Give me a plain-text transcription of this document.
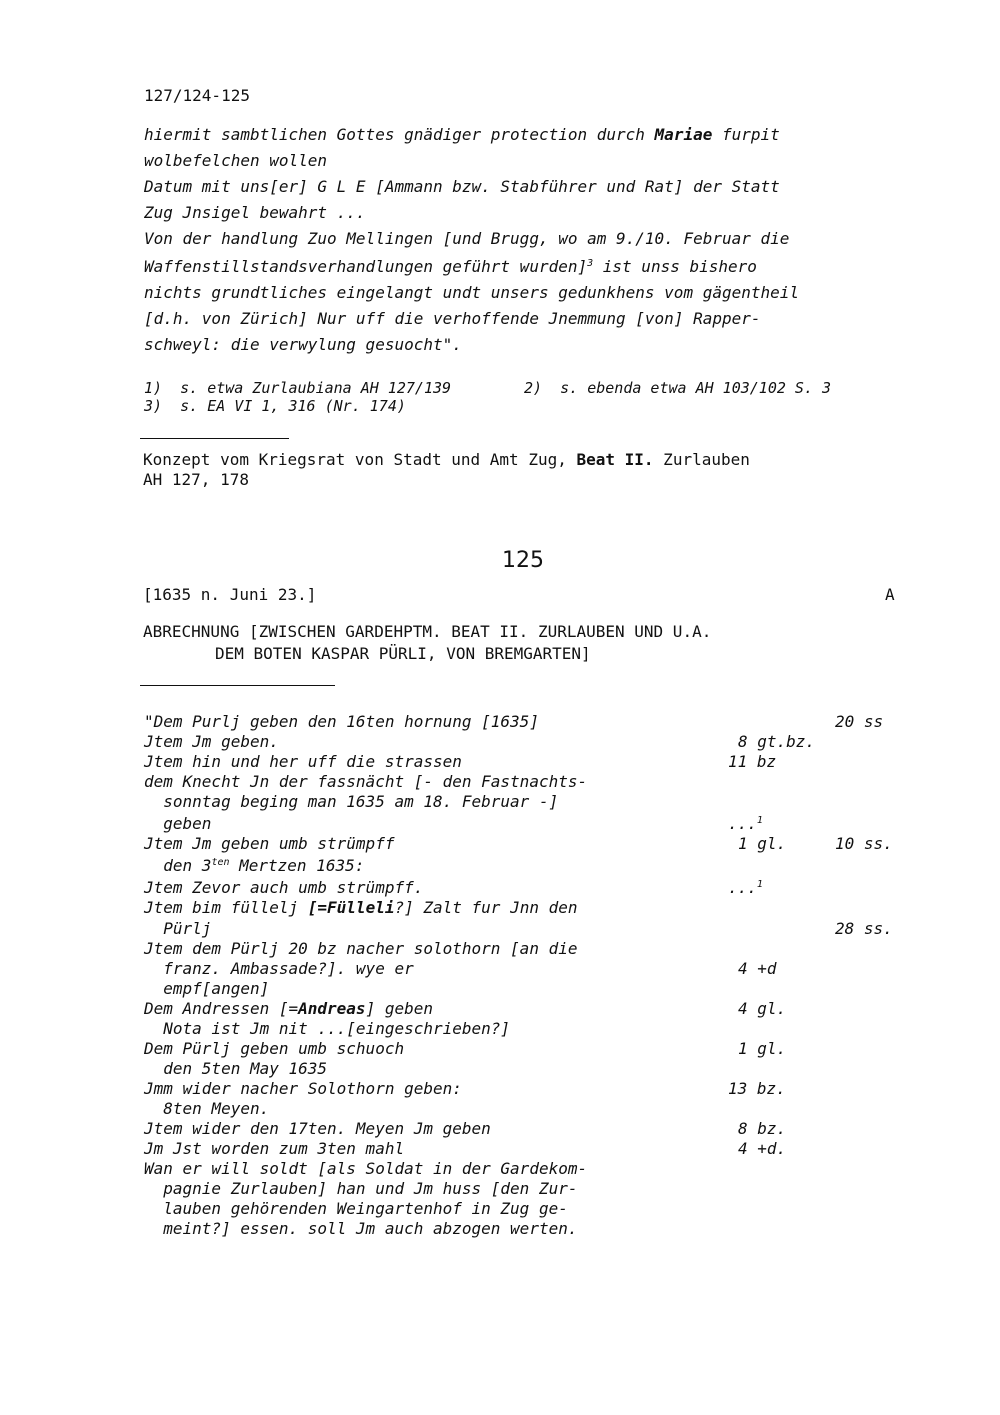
127/124-125
hiermit sambtlichen Gottes gnädiger protection durch Mariae furpit
wolbefelchen wollen
Datum mit uns[er] G L E [Ammann bzw. Stabführer und Rat] der Statt
Zug Jnsigel bewahrt ...
Von der handlung Zuo Mellingen [und Brugg, wo am 9./10. Februar die
Waffenstillstandsverhandlungen geführt wurden]$^3$ ist unss bishero
nichts grundtliches eingelangt undt unsers gedunkhens vom gägentheil
[d.h. von Zürich] Nur uff die verhoffende Jnemmung [von] Rapper-
schweyl: die verwylung gesuocht".
1)  s. etwa Zurlaubiana AH 127/139	2)  s. ebenda etwa AH 103/102 S. 3
3)  s. EA VI 1, 316 (Nr. 174)
Konzept vom Kriegsrat von Stadt und Amt Zug, Beat II. Zurlauben
AH 127, 178
125
[1635 n. Juni 23.]	A
ABRECHNUNG [ZWISCHEN GARDEHPTM. BEAT II. ZURLAUBEN UND U.A.
DEM BOTEN KASPAR PÜRLI, VON BREMGARTEN]
"Dem Purlj geben den 16ten hornung [1635]	20 ss
Jtem Jm geben.	8 gt.bz.
Jtem hin und her uff die strassen	11 bz
dem Knecht Jn der fassnächt [- den Fastnachts-
sonntag beging man 1635 am 18. Februar -]
geben	...$^1$
Jtem Jm geben umb strümpff	1 gl.	10 ss.
den $3^{ten}$ Mertzen 1635:
Jtem Zevor auch umb strümpff.	...$^1$
Jtem bim füllelj [=Fülleli?] Zalt fur Jnn den
Pürlj	28 ss.
Jtem dem Pürlj 20 bz nacher solothorn [an die
franz. Ambassade?]. wye er	4 +d
empf[angen]
Dem Andressen [=Andreas] geben	4 gl.
Nota ist Jm nit ...[eingeschrieben?]
Dem Pürlj geben umb schuoch	1 gl.
den 5ten May 1635
Jmm wider nacher Solothorn geben:	13 bz.
8ten Meyen.
Jtem wider den 17ten. Meyen Jm geben	8 bz.
Jm Jst worden zum 3ten mahl	4 +d.
Wan er will soldt [als Soldat in der Gardekom-
pagnie Zurlauben] han und Jm huss [den Zur-
lauben gehörenden Weingartenhof in Zug ge-
meint?] essen. soll Jm auch abzogen werten.
